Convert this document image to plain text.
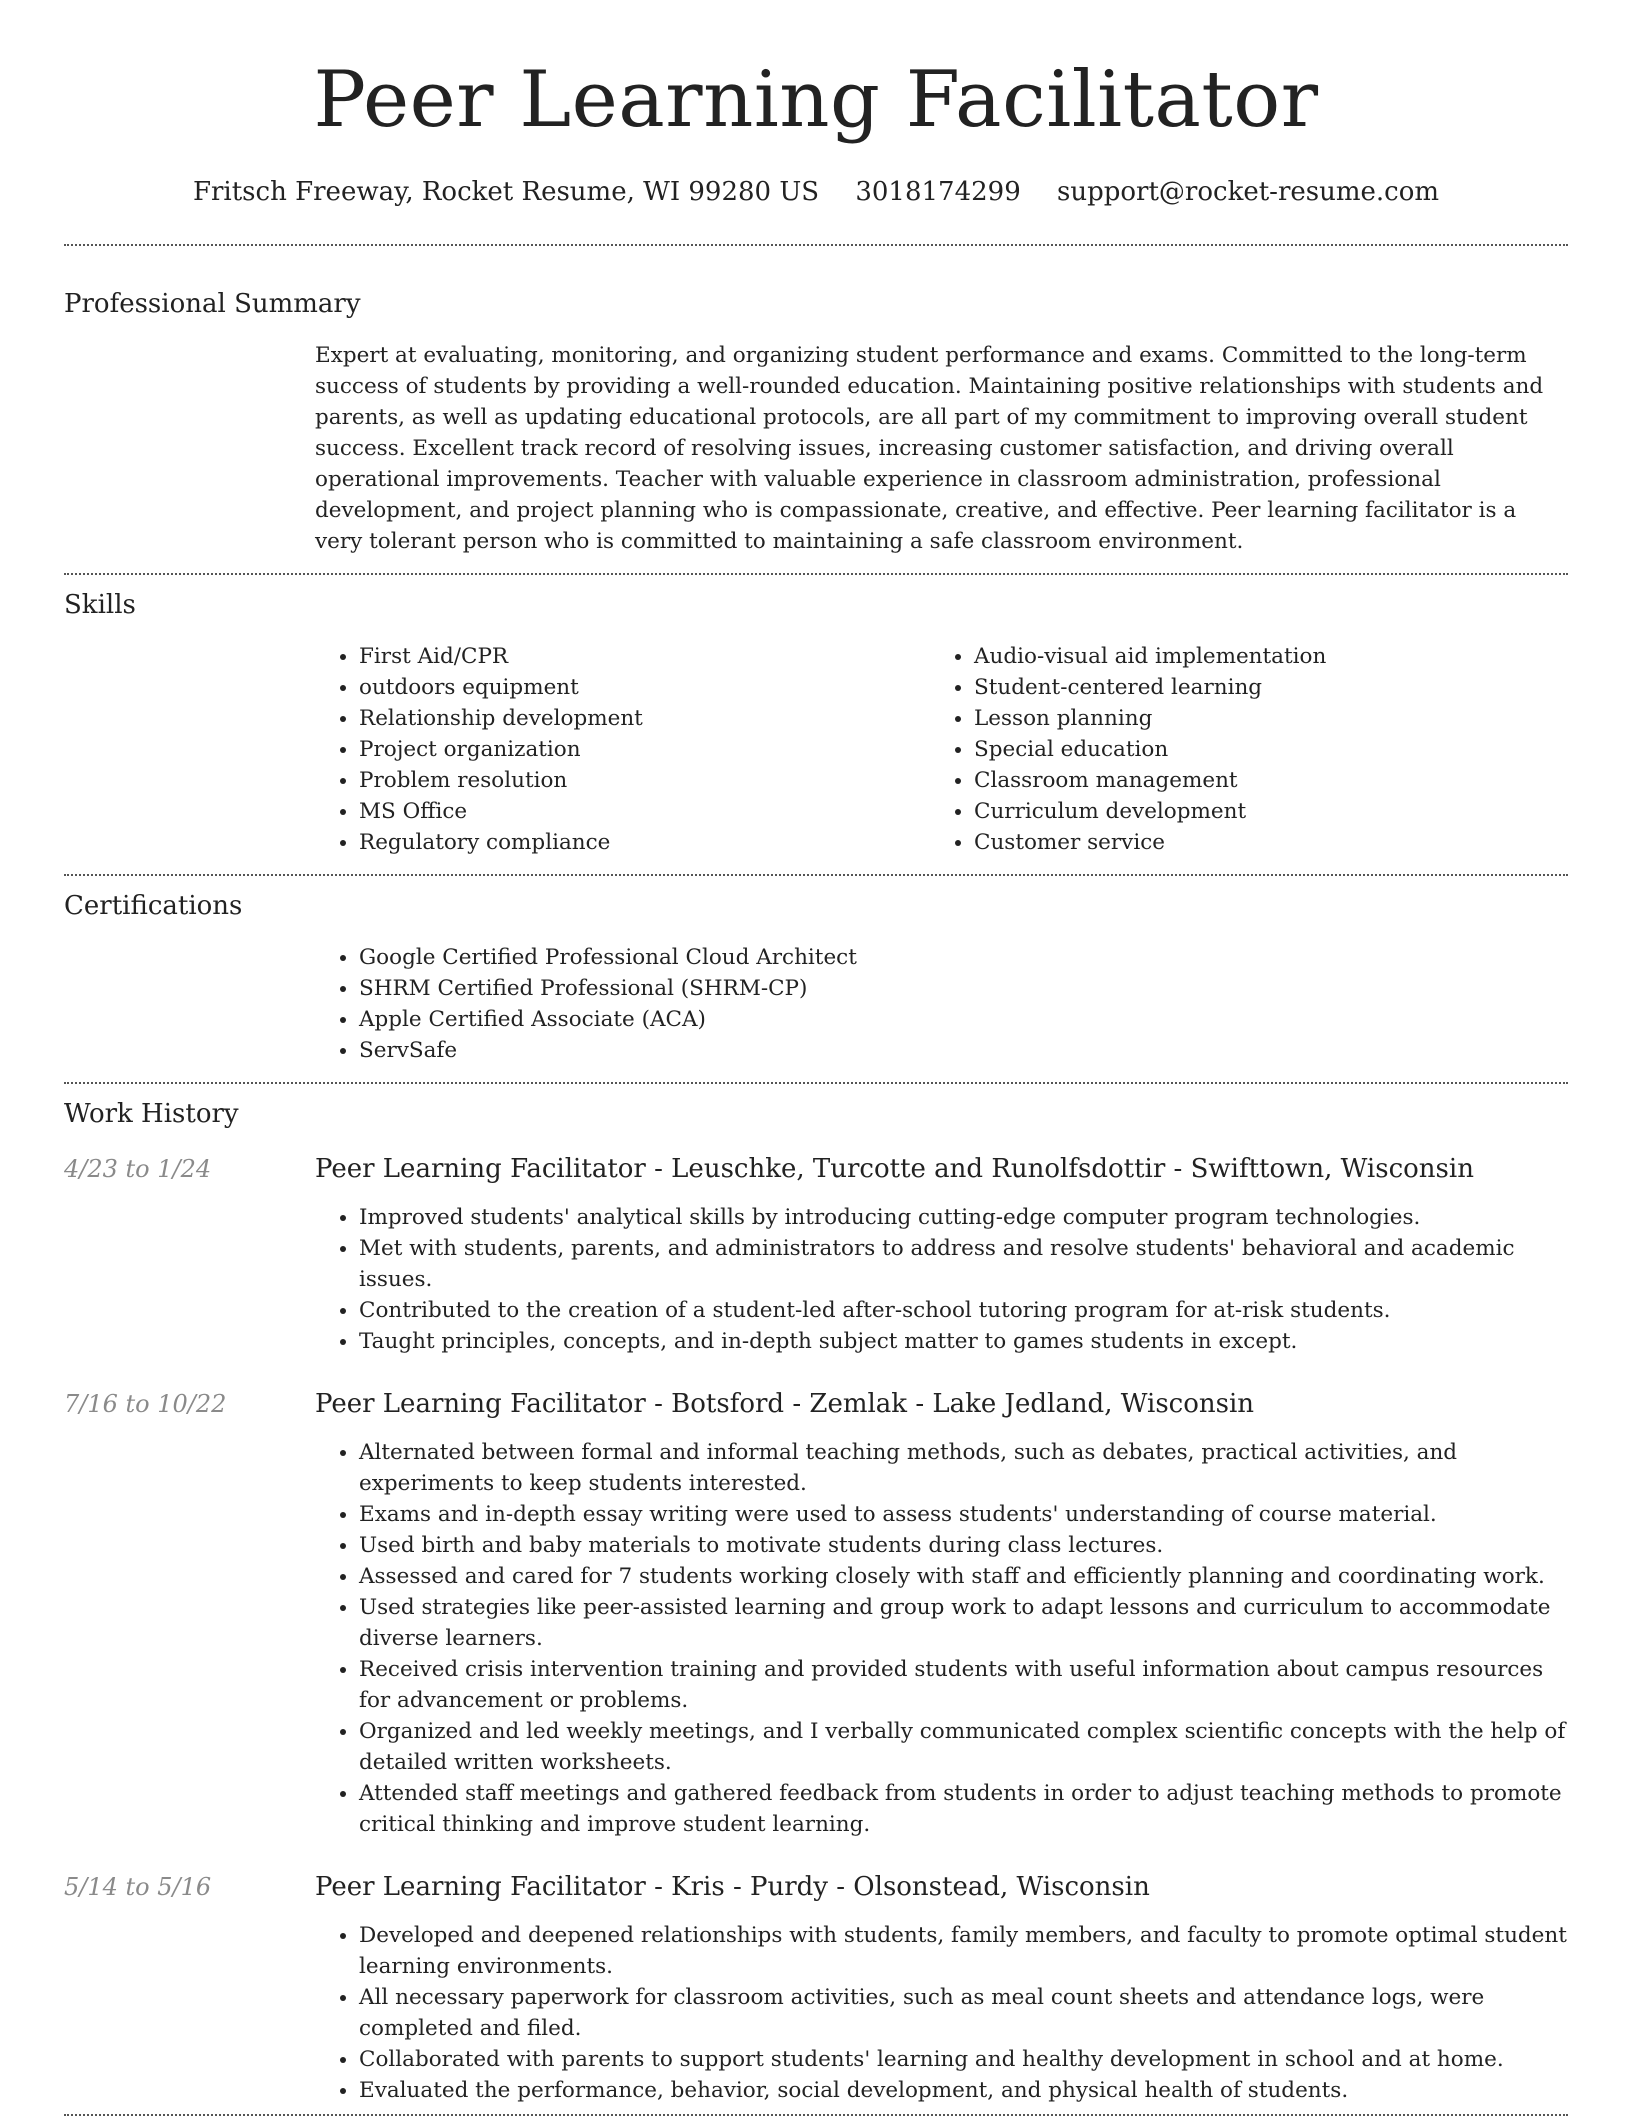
Peer Learning Facilitator
Fritsch Freeway, Rocket Resume, WI 99280 US 3018174299 support@rocket-resume.com
Professional Summary
Expert at evaluating, monitoring, and organizing student performance and exams. Committed to the long-term success of students by providing a well-rounded education. Maintaining positive relationships with students and parents, as well as updating educational protocols, are all part of my commitment to improving overall student success. Excellent track record of resolving issues, increasing customer satisfaction, and driving overall operational improvements. Teacher with valuable experience in classroom administration, professional development, and project planning who is compassionate, creative, and effective. Peer learning facilitator is a very tolerant person who is committed to maintaining a safe classroom environment.
Skills
• First Aid/CPR
• outdoors equipment
• Relationship development
• Project organization
• Problem resolution
• MS Office
• Regulatory compliance
• Audio-visual aid implementation
• Student-centered learning
• Lesson planning
• Special education
• Classroom management
• Curriculum development
• Customer service
Certifications
• Google Certified Professional Cloud Architect
• SHRM Certified Professional (SHRM-CP)
• Apple Certified Associate (ACA)
• ServSafe
Work History
4/23 to 1/24	Peer Learning Facilitator - Leuschke, Turcotte and Runolfsdottir - Swifttown, Wisconsin
• Improved students' analytical skills by introducing cutting-edge computer program technologies.
• Met with students, parents, and administrators to address and resolve students' behavioral and academic issues.
• Contributed to the creation of a student-led after-school tutoring program for at-risk students.
• Taught principles, concepts, and in-depth subject matter to games students in except.
7/16 to 10/22	Peer Learning Facilitator - Botsford - Zemlak - Lake Jedland, Wisconsin
• Alternated between formal and informal teaching methods, such as debates, practical activities, and experiments to keep students interested.
• Exams and in-depth essay writing were used to assess students' understanding of course material.
• Used birth and baby materials to motivate students during class lectures.
• Assessed and cared for 7 students working closely with staff and efficiently planning and coordinating work.
• Used strategies like peer-assisted learning and group work to adapt lessons and curriculum to accommodate diverse learners.
• Received crisis intervention training and provided students with useful information about campus resources for advancement or problems.
• Organized and led weekly meetings, and I verbally communicated complex scientific concepts with the help of detailed written worksheets.
• Attended staff meetings and gathered feedback from students in order to adjust teaching methods to promote critical thinking and improve student learning.
5/14 to 5/16	Peer Learning Facilitator - Kris - Purdy - Olsonstead, Wisconsin
• Developed and deepened relationships with students, family members, and faculty to promote optimal student learning environments.
• All necessary paperwork for classroom activities, such as meal count sheets and attendance logs, were completed and filed.
• Collaborated with parents to support students' learning and healthy development in school and at home.
• Evaluated the performance, behavior, social development, and physical health of students.
